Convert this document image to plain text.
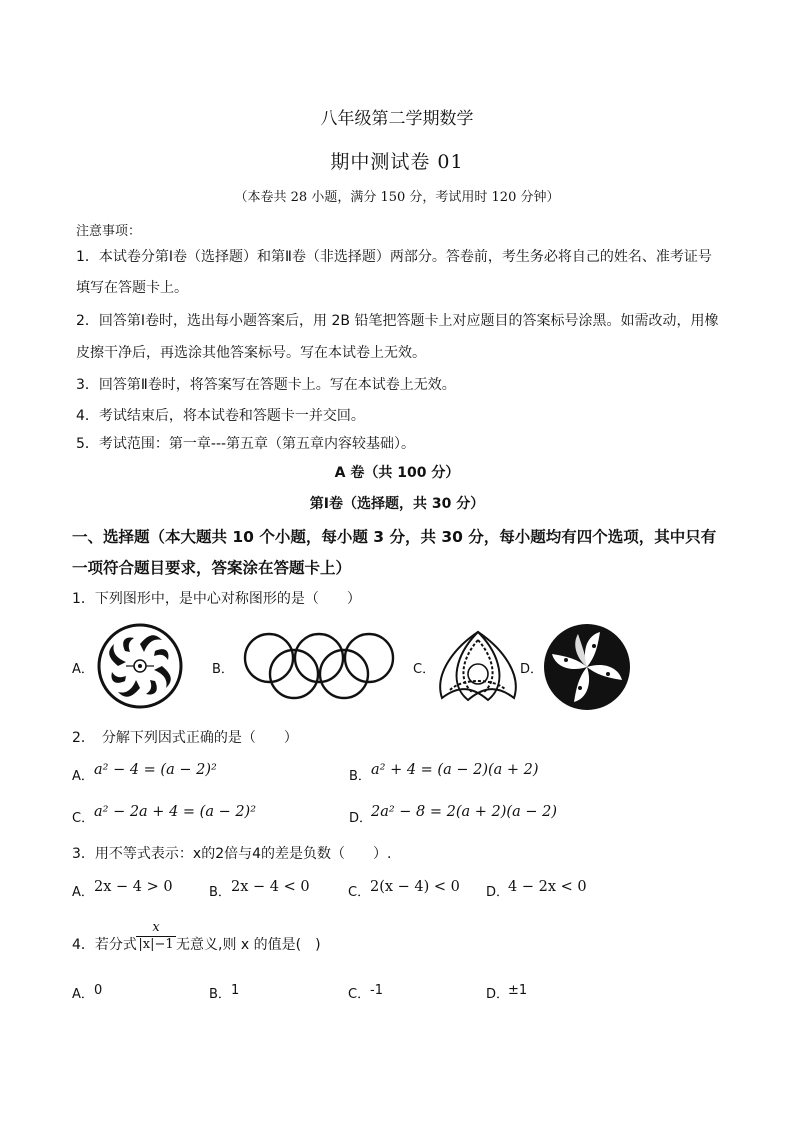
八年级第二学期数学
期中测试卷 01
（本卷共 28 小题，满分 150 分，考试用时 120 分钟）
注意事项：
1．本试卷分第Ⅰ卷（选择题）和第Ⅱ卷（非选择题）两部分。答卷前，考生务必将自己的姓名、准考证号
填写在答题卡上。
2．回答第Ⅰ卷时，选出每小题答案后，用 2B 铅笔把答题卡上对应题目的答案标号涂黑。如需改动，用橡
皮擦干净后，再选涂其他答案标号。写在本试卷上无效。
3．回答第Ⅱ卷时，将答案写在答题卡上。写在本试卷上无效。
4．考试结束后，将本试卷和答题卡一并交回。
5．考试范围：第一章---第五章（第五章内容较基础）。
A 卷（共 100 分）
第Ⅰ卷（选择题，共 30 分）
一、选择题（本大题共 10 个小题，每小题 3 分，共 30 分，每小题均有四个选项，其中只有
一项符合题目要求，答案涂在答题卡上）
1．下列图形中，是中心对称图形的是（　　）
A．	B．	C．	D．
2．　分解下列因式正确的是（　　）
A． a² − 4 = (a − 2)²	B． a² + 4 = (a − 2)(a + 2)
C． a² − 2a + 4 = (a − 2)²	D．
2a² − 8 = 2(a + 2)(a − 2)
3．用不等式表示：x的2倍与4的差是负数（　　）.
A． 2x − 4 > 0	B． 2x − 4 < 0	C． 2(x − 4) < 0 D．
4 − 2x < 0
4．若分式 $\frac{x}{|x|-1}$ 无意义,则 x 的值是(　)
A． 0	B． 1	C． -1	D．
±1
